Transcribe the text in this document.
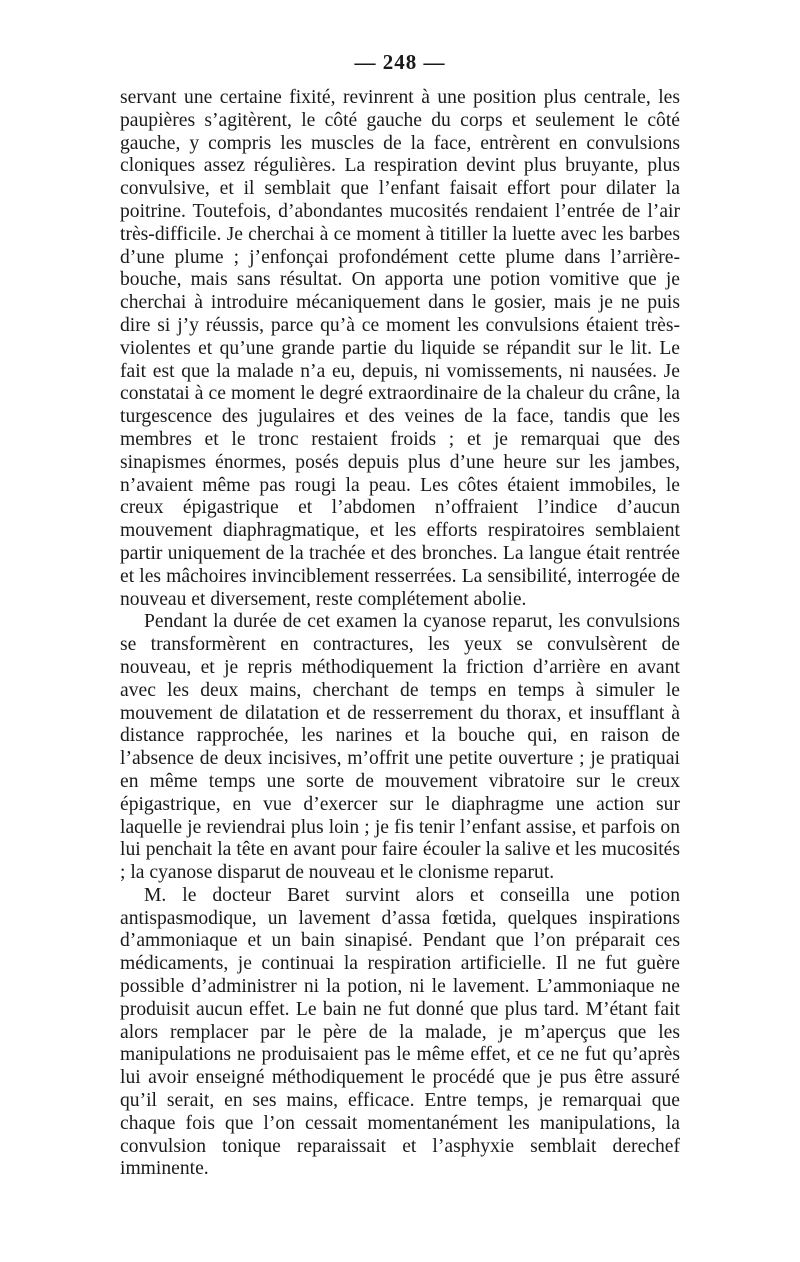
— 248 —

servant une certaine fixité, revinrent à une position plus centrale, les paupières s’agitèrent, le côté gauche du corps et seulement le côté gauche, y compris les muscles de la face, entrèrent en convulsions cloniques assez régulières. La respiration devint plus bruyante, plus convulsive, et il semblait que l’enfant faisait effort pour dilater la poitrine. Toutefois, d’abondantes mucosités rendaient l’entrée de l’air très-difficile. Je cherchai à ce moment à titiller la luette avec les barbes d’une plume ; j’enfonçai profondément cette plume dans l’arrière-bouche, mais sans résultat. On apporta une potion vomitive que je cherchai à introduire mécaniquement dans le gosier, mais je ne puis dire si j’y réussis, parce qu’à ce moment les convulsions étaient très-violentes et qu’une grande partie du liquide se répandit sur le lit. Le fait est que la malade n’a eu, depuis, ni vomissements, ni nausées. Je constatai à ce moment le degré extraordinaire de la chaleur du crâne, la turgescence des jugulaires et des veines de la face, tandis que les membres et le tronc restaient froids ; et je remarquai que des sinapismes énormes, posés depuis plus d’une heure sur les jambes, n’avaient même pas rougi la peau. Les côtes étaient immobiles, le creux épigastrique et l’abdomen n’offraient l’indice d’aucun mouvement diaphragmatique, et les efforts respiratoires semblaient partir uniquement de la trachée et des bronches. La langue était rentrée et les mâchoires invinciblement resserrées. La sensibilité, interrogée de nouveau et diversement, reste complétement abolie.

Pendant la durée de cet examen la cyanose reparut, les convulsions se transformèrent en contractures, les yeux se convulsèrent de nouveau, et je repris méthodiquement la friction d’arrière en avant avec les deux mains, cherchant de temps en temps à simuler le mouvement de dilatation et de resserrement du thorax, et insufflant à distance rapprochée, les narines et la bouche qui, en raison de l’absence de deux incisives, m’offrit une petite ouverture ; je pratiquai en même temps une sorte de mouvement vibratoire sur le creux épigastrique, en vue d’exercer sur le diaphragme une action sur laquelle je reviendrai plus loin ; je fis tenir l’enfant assise, et parfois on lui penchait la tête en avant pour faire écouler la salive et les mucosités ; la cyanose disparut de nouveau et le clonisme reparut.

M. le docteur Baret survint alors et conseilla une potion antispasmodique, un lavement d’assa fœtida, quelques inspirations d’ammoniaque et un bain sinapisé. Pendant que l’on préparait ces médicaments, je continuai la respiration artificielle. Il ne fut guère possible d’administrer ni la potion, ni le lavement. L’ammoniaque ne produisit aucun effet. Le bain ne fut donné que plus tard. M’étant fait alors remplacer par le père de la malade, je m’aperçus que les manipulations ne produisaient pas le même effet, et ce ne fut qu’après lui avoir enseigné méthodiquement le procédé que je pus être assuré qu’il serait, en ses mains, efficace. Entre temps, je remarquai que chaque fois que l’on cessait momentanément les manipulations, la convulsion tonique reparaissait et l’asphyxie semblait derechef imminente.
